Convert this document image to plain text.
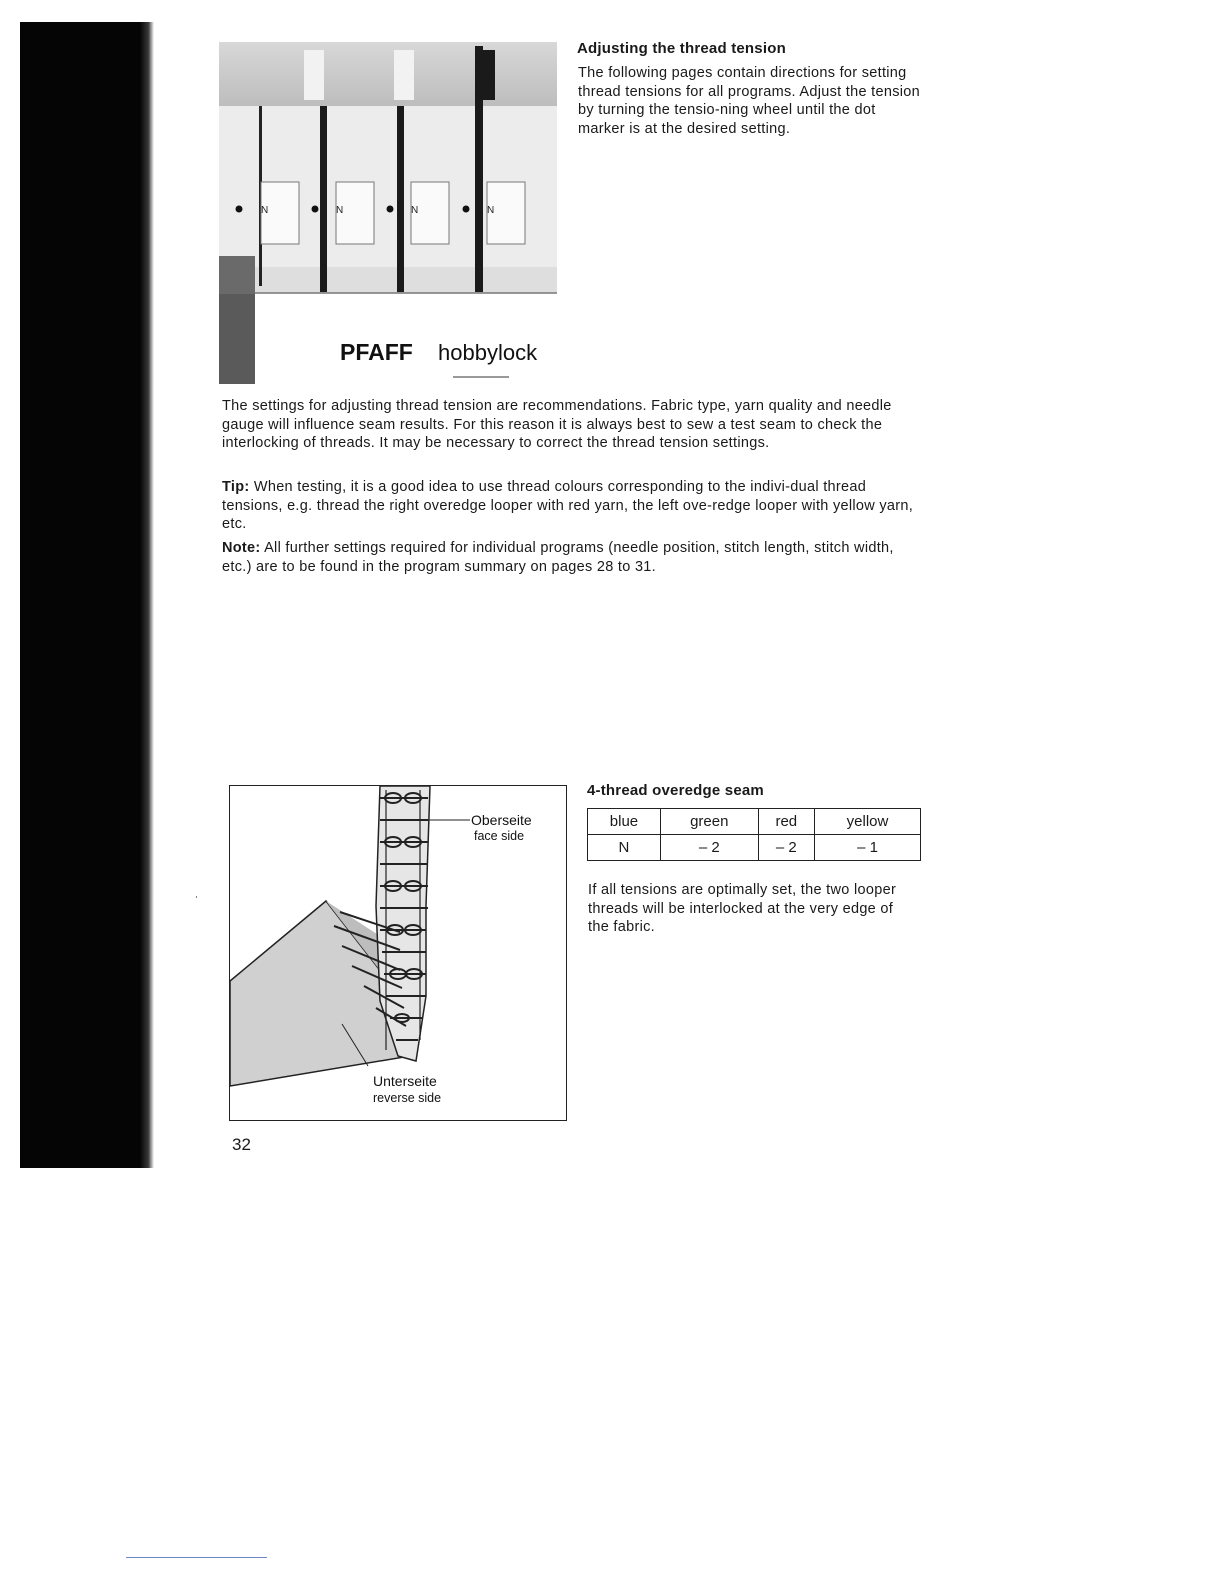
N	N	N	N
PFAFF hobbylock
Adjusting the thread tension

The following pages contain directions for setting thread tensions for all programs. Adjust the tension by turning the tensio-ning wheel until the dot marker is at the desired setting.

The settings for adjusting thread tension are recommendations. Fabric type, yarn quality and needle gauge will influence seam results. For this reason it is always best to sew a test seam to check the interlocking of threads. It may be necessary to correct the thread tension settings.

Tip: When testing, it is a good idea to use thread colours corresponding to the indivi-dual thread tensions, e.g. thread the right overedge looper with red yarn, the left ove-redge looper with yellow yarn, etc.

Note: All further settings required for individual programs (needle position, stitch length, stitch width, etc.) are to be found in the program summary on pages 28 to 31.

Oberseite
face side
Unterseite
reverse side
4-thread overedge seam
blue	green	red	yellow
N	– 2	– 2	– 1

If all tensions are optimally set, the two looper threads will be interlocked at the very edge of the fabric.

32
